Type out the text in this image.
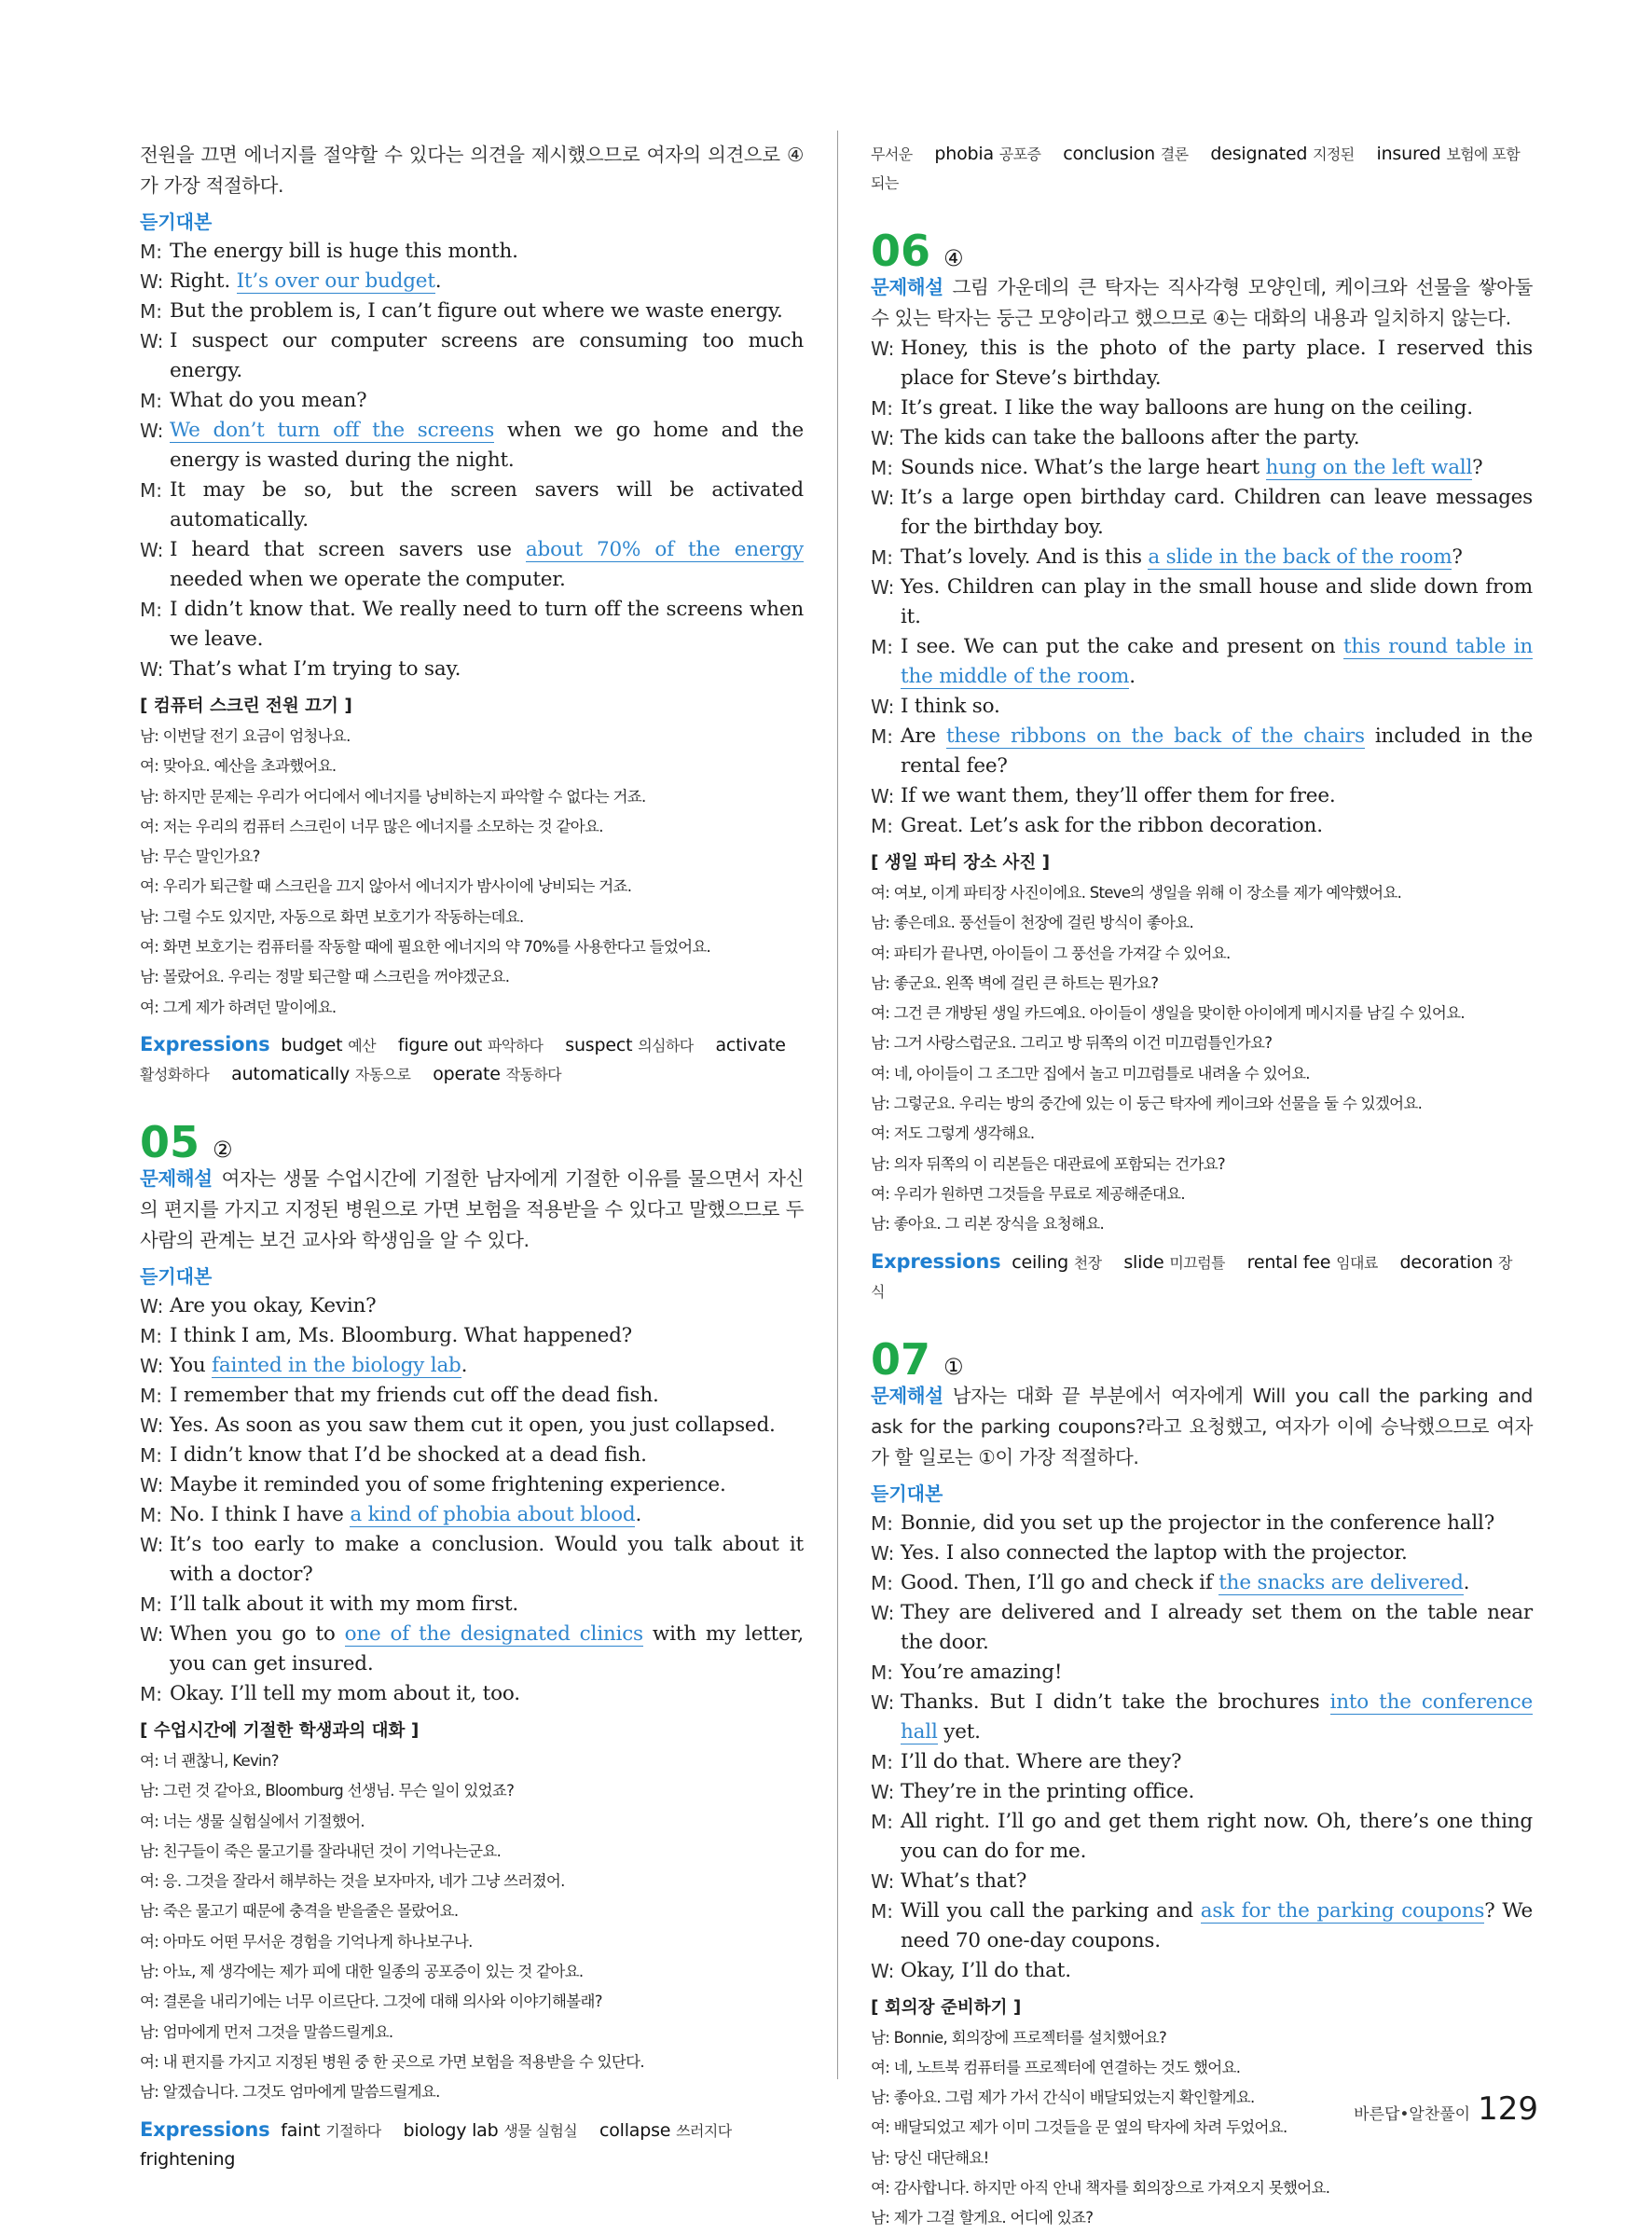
전원을 끄면 에너지를 절약할 수 있다는 의견을 제시했으므로 여자의 의견으로 ④가 가장 적절하다.
듣기대본
M: The energy bill is huge this month.
W: Right. It’s over our budget.
M: But the problem is, I can’t figure out where we waste energy.
W: I suspect our computer screens are consuming too much energy.
M: What do you mean?
W: We don’t turn off the screens when we go home and the energy is wasted during the night.
M: It may be so, but the screen savers will be activated automatically.
W: I heard that screen savers use about 70% of the energy needed when we operate the computer.
M: I didn’t know that. We really need to turn off the screens when we leave.
W: That’s what I’m trying to say.
[ 컴퓨터 스크린 전원 끄기 ]
남: 이번달 전기 요금이 엄청나요.
여: 맞아요. 예산을 초과했어요.
남: 하지만 문제는 우리가 어디에서 에너지를 낭비하는지 파악할 수 없다는 거죠.
여: 저는 우리의 컴퓨터 스크린이 너무 많은 에너지를 소모하는 것 같아요.
남: 무슨 말인가요?
여: 우리가 퇴근할 때 스크린을 끄지 않아서 에너지가 밤사이에 낭비되는 거죠.
남: 그럴 수도 있지만, 자동으로 화면 보호기가 작동하는데요.
여: 화면 보호기는 컴퓨터를 작동할 때에 필요한 에너지의 약 70%를 사용한다고 들었어요.
남: 몰랐어요. 우리는 정말 퇴근할 때 스크린을 꺼야겠군요.
여: 그게 제가 하려던 말이에요.
Expressions budget 예산 figure out 파악하다 suspect 의심하다 activate 활성화하다 automatically 자동으로 operate 작동하다
05 ②
문제해설 여자는 생물 수업시간에 기절한 남자에게 기절한 이유를 물으면서 자신의 편지를 가지고 지정된 병원으로 가면 보험을 적용받을 수 있다고 말했으므로 두 사람의 관계는 보건 교사와 학생임을 알 수 있다.
듣기대본
W: Are you okay, Kevin?
M: I think I am, Ms. Bloomburg. What happened?
W: You fainted in the biology lab.
M: I remember that my friends cut off the dead fish.
W: Yes. As soon as you saw them cut it open, you just collapsed.
M: I didn’t know that I’d be shocked at a dead fish.
W: Maybe it reminded you of some frightening experience.
M: No. I think I have a kind of phobia about blood.
W: It’s too early to make a conclusion. Would you talk about it with a doctor?
M: I’ll talk about it with my mom first.
W: When you go to one of the designated clinics with my letter, you can get insured.
M: Okay. I’ll tell my mom about it, too.
[ 수업시간에 기절한 학생과의 대화 ]
여: 너 괜찮니, Kevin?
남: 그런 것 같아요, Bloomburg 선생님. 무슨 일이 있었죠?
여: 너는 생물 실험실에서 기절했어.
남: 친구들이 죽은 물고기를 잘라내던 것이 기억나는군요.
여: 응. 그것을 잘라서 해부하는 것을 보자마자, 네가 그냥 쓰러졌어.
남: 죽은 물고기 때문에 충격을 받을줄은 몰랐어요.
여: 아마도 어떤 무서운 경험을 기억나게 하나보구나.
남: 아뇨, 제 생각에는 제가 피에 대한 일종의 공포증이 있는 것 같아요.
여: 결론을 내리기에는 너무 이르단다. 그것에 대해 의사와 이야기해볼래?
남: 엄마에게 먼저 그것을 말씀드릴게요.
여: 내 편지를 가지고 지정된 병원 중 한 곳으로 가면 보험을 적용받을 수 있단다.
남: 알겠습니다. 그것도 엄마에게 말씀드릴게요.
Expressions faint 기절하다 biology lab 생물 실험실 collapse 쓰러지다 frightening
무서운 phobia 공포증 conclusion 결론 designated 지정된 insured 보험에 포함되는
06 ④
문제해설 그림 가운데의 큰 탁자는 직사각형 모양인데, 케이크와 선물을 쌓아둘 수 있는 탁자는 둥근 모양이라고 했으므로 ④는 대화의 내용과 일치하지 않는다.
W: Honey, this is the photo of the party place. I reserved this place for Steve’s birthday.
M: It’s great. I like the way balloons are hung on the ceiling.
W: The kids can take the balloons after the party.
M: Sounds nice. What’s the large heart hung on the left wall?
W: It’s a large open birthday card. Children can leave messages for the birthday boy.
M: That’s lovely. And is this a slide in the back of the room?
W: Yes. Children can play in the small house and slide down from it.
M: I see. We can put the cake and present on this round table in the middle of the room.
W: I think so.
M: Are these ribbons on the back of the chairs included in the rental fee?
W: If we want them, they’ll offer them for free.
M: Great. Let’s ask for the ribbon decoration.
[ 생일 파티 장소 사진 ]
여: 여보, 이게 파티장 사진이에요. Steve의 생일을 위해 이 장소를 제가 예약했어요.
남: 좋은데요. 풍선들이 천장에 걸린 방식이 좋아요.
여: 파티가 끝나면, 아이들이 그 풍선을 가져갈 수 있어요.
남: 좋군요. 왼쪽 벽에 걸린 큰 하트는 뭔가요?
여: 그건 큰 개방된 생일 카드예요. 아이들이 생일을 맞이한 아이에게 메시지를 남길 수 있어요.
남: 그거 사랑스럽군요. 그리고 방 뒤쪽의 이건 미끄럼틀인가요?
여: 네, 아이들이 그 조그만 집에서 놀고 미끄럼틀로 내려올 수 있어요.
남: 그렇군요. 우리는 방의 중간에 있는 이 둥근 탁자에 케이크와 선물을 둘 수 있겠어요.
여: 저도 그렇게 생각해요.
남: 의자 뒤쪽의 이 리본들은 대관료에 포함되는 건가요?
여: 우리가 원하면 그것들을 무료로 제공해준대요.
남: 좋아요. 그 리본 장식을 요청해요.
Expressions ceiling 천장 slide 미끄럼틀 rental fee 임대료 decoration 장식
07 ①
문제해설 남자는 대화 끝 부분에서 여자에게 Will you call the parking and ask for the parking coupons?라고 요청했고, 여자가 이에 승낙했으므로 여자가 할 일로는 ①이 가장 적절하다.
듣기대본
M: Bonnie, did you set up the projector in the conference hall?
W: Yes. I also connected the laptop with the projector.
M: Good. Then, I’ll go and check if the snacks are delivered.
W: They are delivered and I already set them on the table near the door.
M: You’re amazing!
W: Thanks. But I didn’t take the brochures into the conference hall yet.
M: I’ll do that. Where are they?
W: They’re in the printing office.
M: All right. I’ll go and get them right now. Oh, there’s one thing you can do for me.
W: What’s that?
M: Will you call the parking and ask for the parking coupons? We need 70 one-day coupons.
W: Okay, I’ll do that.
[ 회의장 준비하기 ]
남: Bonnie, 회의장에 프로젝터를 설치했어요?
여: 네, 노트북 컴퓨터를 프로젝터에 연결하는 것도 했어요.
남: 좋아요. 그럼 제가 가서 간식이 배달되었는지 확인할게요.
여: 배달되었고 제가 이미 그것들을 문 옆의 탁자에 차려 두었어요.
남: 당신 대단해요!
여: 감사합니다. 하지만 아직 안내 책자를 회의장으로 가져오지 못했어요.
남: 제가 그걸 할게요. 어디에 있죠?
바른답•알찬풀이 129
